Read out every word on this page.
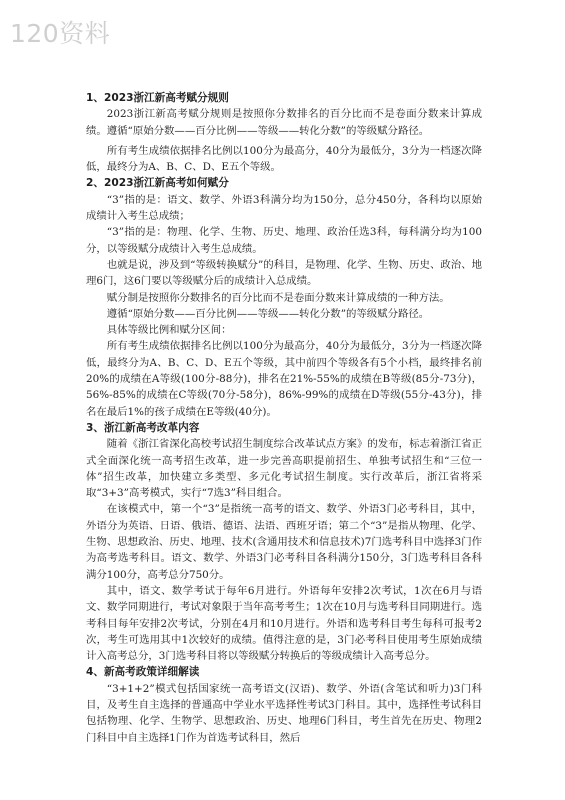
120资料
1、2023浙江新高考赋分规则
2023浙江新高考赋分规则是按照你分数排名的百分比而不是卷面分数来计算成绩。遵循“原始分数——百分比例——等级——转化分数”的等级赋分路径。
所有考生成绩依据排名比例以100分为最高分，40分为最低分，3分为一档逐次降低，最终分为A、B、C、D、E五个等级。
2、2023浙江新高考如何赋分
“3”指的是：语文、数学、外语3科满分均为150分，总分450分，各科均以原始成绩计入考生总成绩；
“3”指的是：物理、化学、生物、历史、地理、政治任选3科，每科满分均为100分，以等级赋分成绩计入考生总成绩。
也就是说，涉及到“等级转换赋分”的科目，是物理、化学、生物、历史、政治、地理6门，这6门要以等级赋分后的成绩计入总成绩。
赋分制是按照你分数排名的百分比而不是卷面分数来计算成绩的一种方法。
遵循“原始分数——百分比例——等级——转化分数”的等级赋分路径。
具体等级比例和赋分区间：
所有考生成绩依据排名比例以100分为最高分，40分为最低分，3分为一档逐次降低，最终分为A、B、C、D、E五个等级，其中前四个等级各有5个小档，最终排名前20%的成绩在A等级(100分-88分)，排名在21%-55%的成绩在B等级(85分-73分)，56%-85%的成绩在C等级(70分-58分)，86%-99%的成绩在D等级(55分-43分)，排名在最后1%的孩子成绩在E等级(40分)。
3、浙江新高考改革内容
随着《浙江省深化高校考试招生制度综合改革试点方案》的发布，标志着浙江省正式全面深化统一高考招生改革，进一步完善高职提前招生、单独考试招生和“三位一体”招生改革，加快建立多类型、多元化考试招生制度。实行改革后，浙江省将采取“3+3”高考模式，实行“7选3”科目组合。
在该模式中，第一个“3”是指统一高考的语文、数学、外语3门必考科目，其中，外语分为英语、日语、俄语、德语、法语、西班牙语；第二个“3”是指从物理、化学、生物、思想政治、历史、地理、技术(含通用技术和信息技术)7门选考科目中选择3门作为高考选考科目。语文、数学、外语3门必考科目各科满分150分，3门选考科目各科满分100分，高考总分750分。
其中，语文、数学考试于每年6月进行。外语每年安排2次考试，1次在6月与语文、数学同期进行，考试对象限于当年高考考生；1次在10月与选考科目同期进行。选考科目每年安排2次考试，分别在4月和10月进行。外语和选考科目考生每科可报考2次，考生可选用其中1次较好的成绩。值得注意的是，3门必考科目使用考生原始成绩计入高考总分，3门选考科目将以等级赋分转换后的等级成绩计入高考总分。
4、新高考政策详细解读
“3+1+2”模式包括国家统一高考语文(汉语)、数学、外语(含笔试和听力)3门科目，及考生自主选择的普通高中学业水平选择性考试3门科目。其中，选择性考试科目包括物理、化学、生物学、思想政治、历史、地理6门科目，考生首先在历史、物理2门科目中自主选择1门作为首选考试科目，然后
